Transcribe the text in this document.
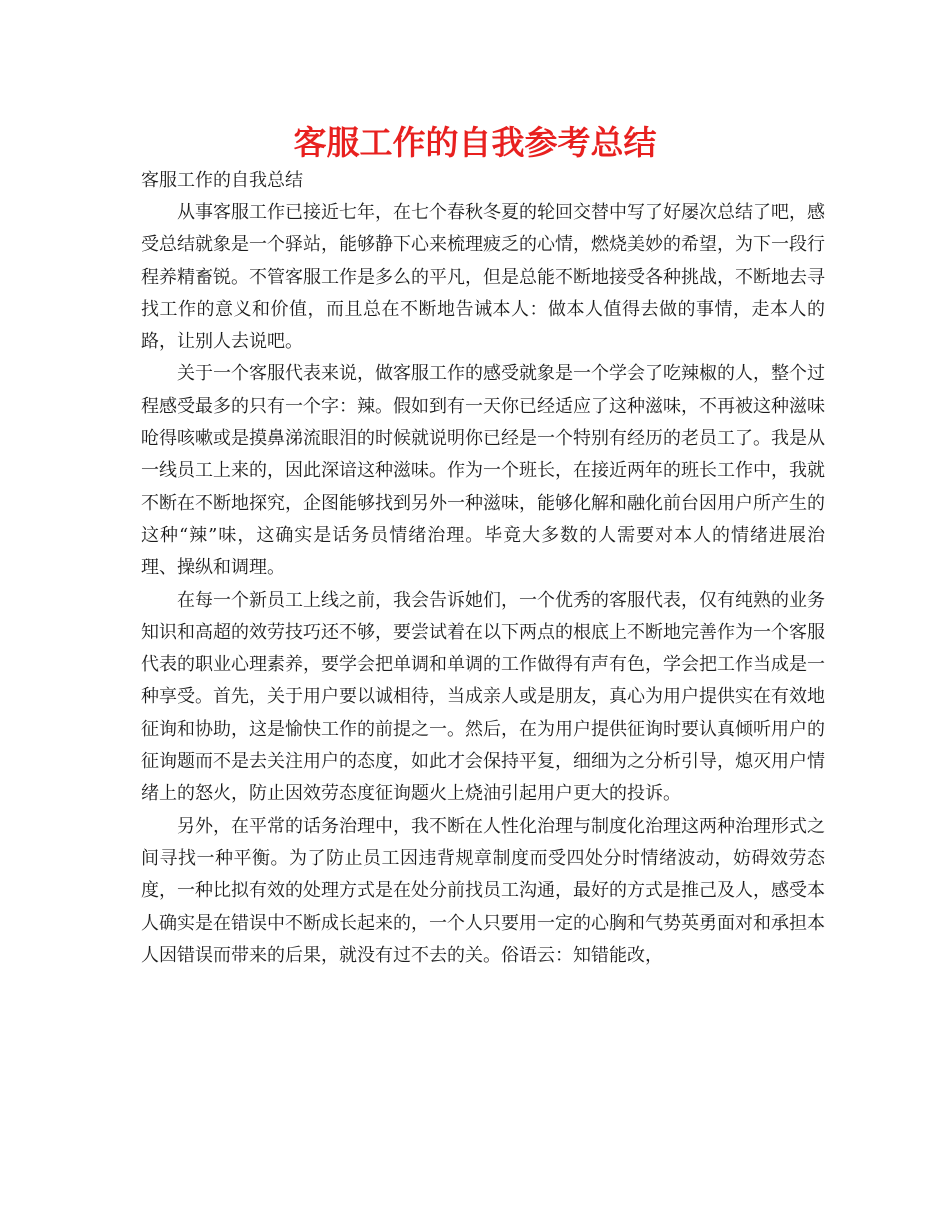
客服工作的自我参考总结

客服工作的自我总结

从事客服工作已接近七年，在七个春秋冬夏的轮回交替中写了好屡次总结了吧，感受总结就象是一个驿站，能够静下心来梳理疲乏的心情，燃烧美妙的希望，为下一段行程养精畜锐。不管客服工作是多么的平凡，但是总能不断地接受各种挑战，不断地去寻找工作的意义和价值，而且总在不断地告诫本人：做本人值得去做的事情，走本人的路，让别人去说吧。

关于一个客服代表来说，做客服工作的感受就象是一个学会了吃辣椒的人，整个过程感受最多的只有一个字：辣。假如到有一天你已经适应了这种滋味，不再被这种滋味呛得咳嗽或是摸鼻涕流眼泪的时候就说明你已经是一个特别有经历的老员工了。我是从一线员工上来的，因此深谙这种滋味。作为一个班长，在接近两年的班长工作中，我就不断在不断地探究，企图能够找到另外一种滋味，能够化解和融化前台因用户所产生的这种“辣”味，这确实是话务员情绪治理。毕竟大多数的人需要对本人的情绪进展治理、操纵和调理。

在每一个新员工上线之前，我会告诉她们，一个优秀的客服代表，仅有纯熟的业务知识和高超的效劳技巧还不够，要尝试着在以下两点的根底上不断地完善作为一个客服代表的职业心理素养，要学会把单调和单调的工作做得有声有色，学会把工作当成是一种享受。首先，关于用户要以诚相待，当成亲人或是朋友，真心为用户提供实在有效地征询和协助，这是愉快工作的前提之一。然后，在为用户提供征询时要认真倾听用户的征询题而不是去关注用户的态度，如此才会保持平复，细细为之分析引导，熄灭用户情绪上的怒火，防止因效劳态度征询题火上烧油引起用户更大的投诉。

另外，在平常的话务治理中，我不断在人性化治理与制度化治理这两种治理形式之间寻找一种平衡。为了防止员工因违背规章制度而受四处分时情绪波动，妨碍效劳态度，一种比拟有效的处理方式是在处分前找员工沟通，最好的方式是推己及人，感受本人确实是在错误中不断成长起来的，一个人只要用一定的心胸和气势英勇面对和承担本人因错误而带来的后果，就没有过不去的关。俗语云：知错能改，
